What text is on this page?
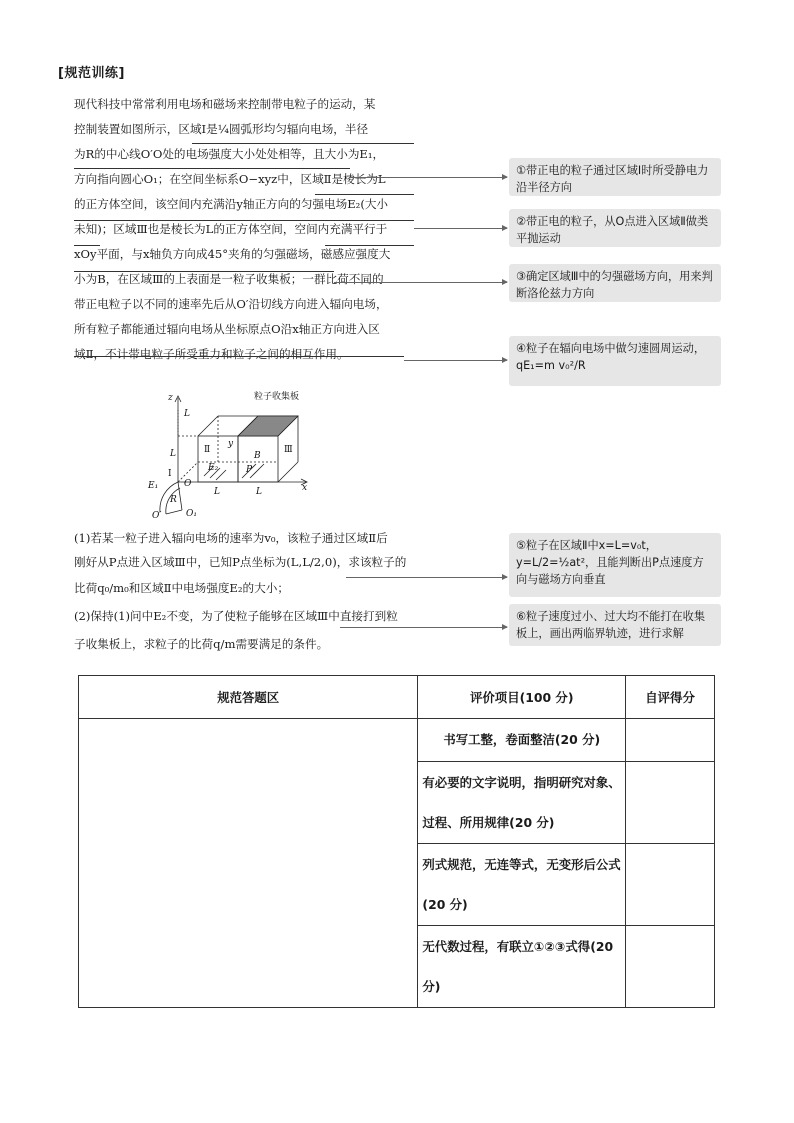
[规范训练]
现代科技中常常利用电场和磁场来控制带电粒子的运动，某
控制装置如图所示，区域Ⅰ是¼圆弧形均匀辐向电场，半径
为R的中心线O′O处的电场强度大小处处相等，且大小为E₁，
方向指向圆心O₁；在空间坐标系O−xyz中，区域Ⅱ是棱长为L
的正方体空间，该空间内充满沿y轴正方向的匀强电场E₂(大小
未知)；区域Ⅲ也是棱长为L的正方体空间，空间内充满平行于
xOy平面，与x轴负方向成45°夹角的匀强磁场，磁感应强度大
小为B，在区域Ⅲ的上表面是一粒子收集板；一群比荷不同的
带正电粒子以不同的速率先后从O′沿切线方向进入辐向电场，
所有粒子都能通过辐向电场从坐标原点O沿x轴正方向进入区
域Ⅱ，不计带电粒子所受重力和粒子之间的相互作用。
①带正电的粒子通过区域Ⅰ时所受静电力沿半径方向
②带正电的粒子，从O点进入区域Ⅱ做类平抛运动
③确定区域Ⅲ中的匀强磁场方向，用来判断洛伦兹力方向
④粒子在辐向电场中做匀速圆周运动，qE₁=m v₀²/R
⑤粒子在区域Ⅱ中x=L=v₀t，y=L/2=½at²，且能判断出P点速度方向与磁场方向垂直
⑥粒子速度过小、过大均不能打在收集板上，画出两临界轨迹，进行求解
z
x
y
L
L
L	L
粒子收集板
Ⅱ	Ⅲ
Ⅰ
E₂	P
B
O
O₁
O′
R
E₁
(1)若某一粒子进入辐向电场的速率为v₀，该粒子通过区域Ⅱ后
刚好从P点进入区域Ⅲ中，已知P点坐标为(L,L/2,0)，求该粒子的
比荷q₀/m₀和区域Ⅱ中电场强度E₂的大小；
(2)保持(1)问中E₂不变，为了使粒子能够在区域Ⅲ中直接打到粒
子收集板上，求粒子的比荷q/m需要满足的条件。
规范答题区	评价项目(100 分)	自评得分
	书写工整，卷面整洁(20 分)	
	有必要的文字说明，指明研究对象、过程、所用规律(20 分)	
	列式规范，无连等式，无变形后公式(20 分)	
	无代数过程，有联立①②③式得(20 分)	
